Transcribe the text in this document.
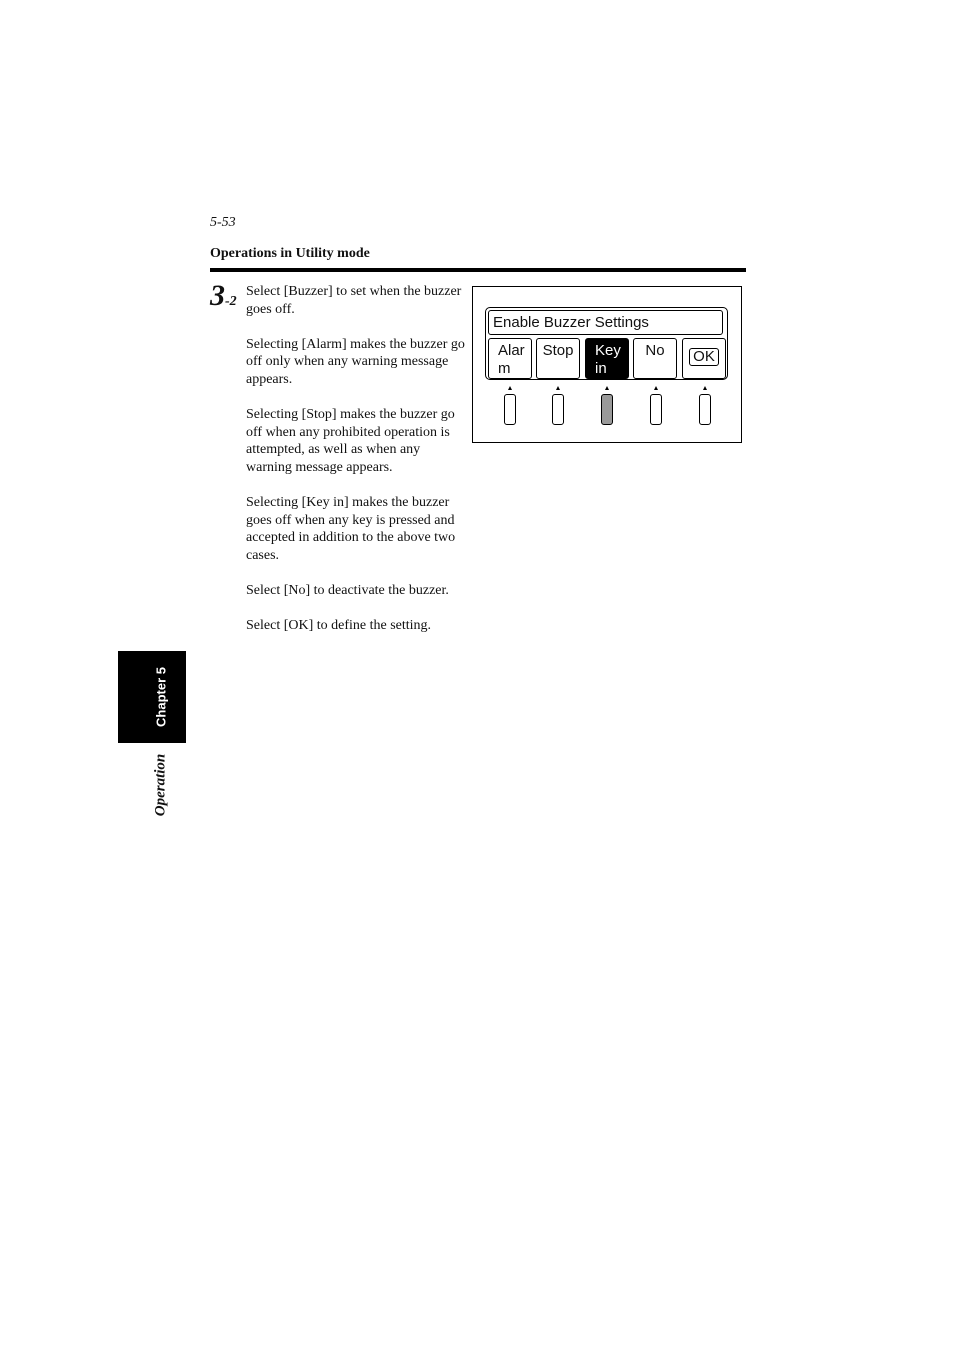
5-53
Operations in Utility mode
3-2

Select [Buzzer] to set when the buzzer goes off.

Selecting [Alarm] makes the buzzer go off only when any warning message appears.

Selecting [Stop] makes the buzzer go off when any prohibited operation is attempted, as well as when any warning message appears.

Selecting [Key in] makes the buzzer goes off when any key is pressed and accepted in addition to the above two cases.

Select [No] to deactivate the buzzer.

Select [OK] to define the setting.

Enable Buzzer Settings
Alar
m
Stop	Key
in
No	OK
Chapter 5
Operation
